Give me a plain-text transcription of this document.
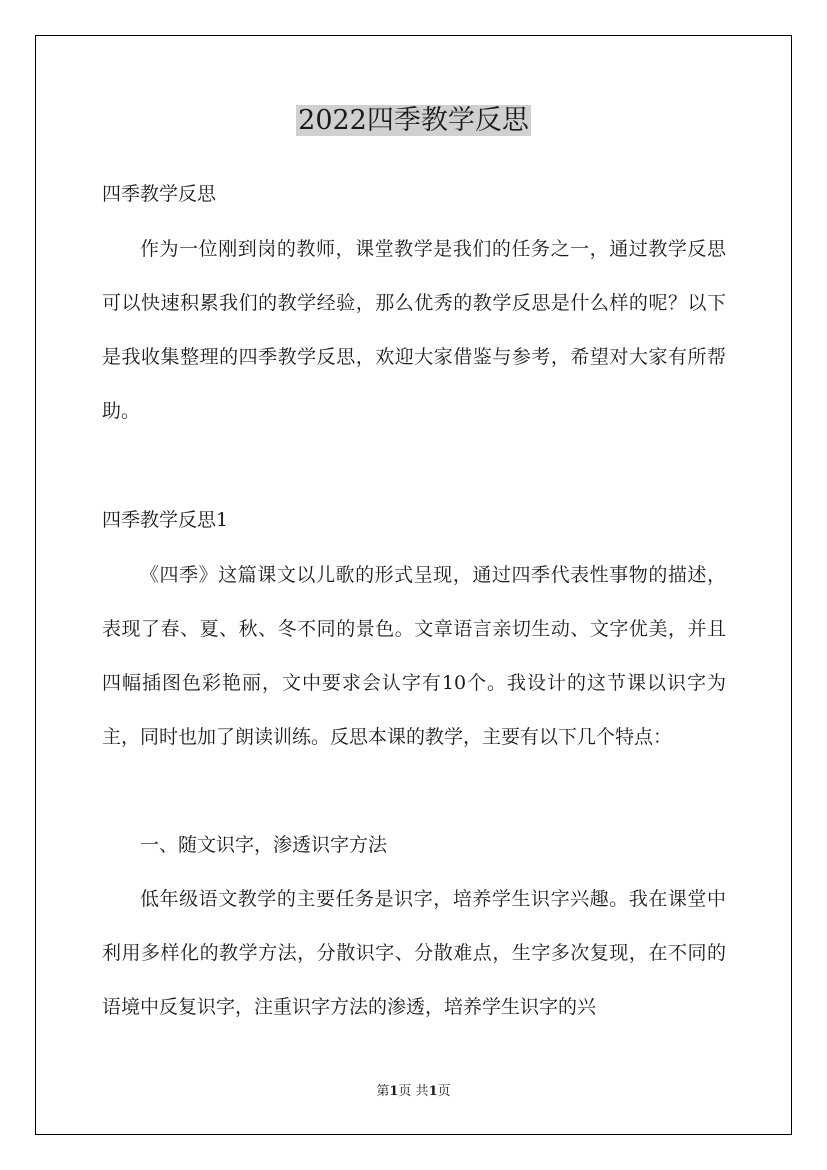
2022四季教学反思

四季教学反思

作为一位刚到岗的教师，课堂教学是我们的任务之一，通过教学反思可以快速积累我们的教学经验，那么优秀的教学反思是什么样的呢？以下是我收集整理的四季教学反思，欢迎大家借鉴与参考，希望对大家有所帮助。

四季教学反思1

《四季》这篇课文以儿歌的形式呈现，通过四季代表性事物的描述，表现了春、夏、秋、冬不同的景色。文章语言亲切生动、文字优美，并且四幅插图色彩艳丽，文中要求会认字有10个。我设计的这节课以识字为主，同时也加了朗读训练。反思本课的教学，主要有以下几个特点：

一、随文识字，渗透识字方法

低年级语文教学的主要任务是识字，培养学生识字兴趣。我在课堂中利用多样化的教学方法，分散识字、分散难点，生字多次复现，在不同的语境中反复识字，注重识字方法的渗透，培养学生识字的兴

第1页 共1页
